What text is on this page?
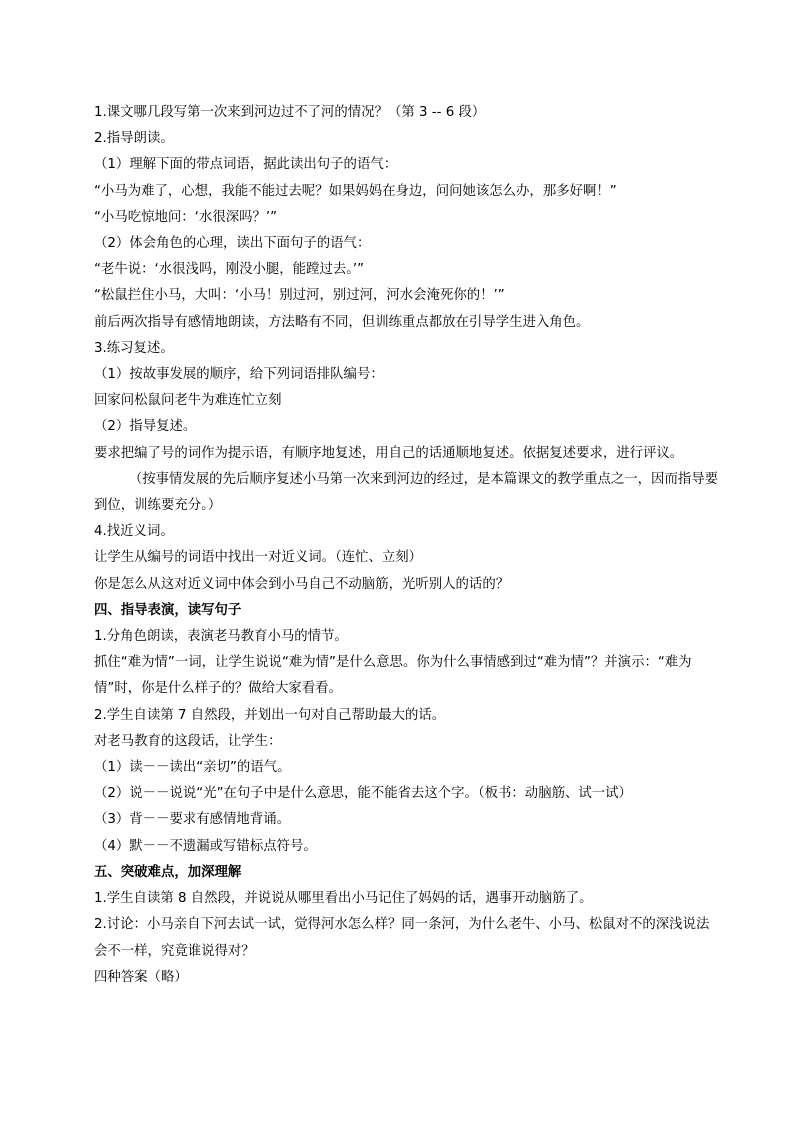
1.课文哪几段写第一次来到河边过不了河的情况？（第 3 -- 6 段）
2.指导朗读。
（1）理解下面的带点词语，据此读出句子的语气：
“小马为难了，心想，我能不能过去呢？如果妈妈在身边，问问她该怎么办，那多好啊！”
“小马吃惊地问：‘水很深吗？’”
（2）体会角色的心理，读出下面句子的语气：
“老牛说：‘水很浅吗，刚没小腿，能蹚过去。’”
“松鼠拦住小马，大叫：‘小马！别过河，别过河，河水会淹死你的！’”
前后两次指导有感情地朗读，方法略有不同，但训练重点都放在引导学生进入角色。
3.练习复述。
（1）按故事发展的顺序，给下列词语排队编号：
回家问松鼠问老牛为难连忙立刻
（2）指导复述。
要求把编了号的词作为提示语，有顺序地复述，用自己的话通顺地复述。依据复述要求，进行评议。
（按事情发展的先后顺序复述小马第一次来到河边的经过，是本篇课文的教学重点之一，因而指导要到位，训练要充分。）
4.找近义词。
让学生从编号的词语中找出一对近义词。（连忙、立刻）
你是怎么从这对近义词中体会到小马自己不动脑筋，光听别人的话的？
四、指导表演，读写句子
1.分角色朗读，表演老马教育小马的情节。
抓住“难为情”一词，让学生说说“难为情”是什么意思。你为什么事情感到过“难为情”？并演示：“难为情”时，你是什么样子的？做给大家看看。
2.学生自读第 7 自然段，并划出一句对自己帮助最大的话。
对老马教育的这段话，让学生：
（1）读－－读出“亲切”的语气。
（2）说－－说说“光”在句子中是什么意思，能不能省去这个字。（板书：动脑筋、试一试）
（3）背－－要求有感情地背诵。
（4）默－－不遗漏或写错标点符号。
五、突破难点，加深理解
1.学生自读第 8 自然段，并说说从哪里看出小马记住了妈妈的话，遇事开动脑筋了。
2.讨论：小马亲自下河去试一试，觉得河水怎么样？同一条河，为什么老牛、小马、松鼠对不的深浅说法会不一样，究竟谁说得对？
四种答案（略）
